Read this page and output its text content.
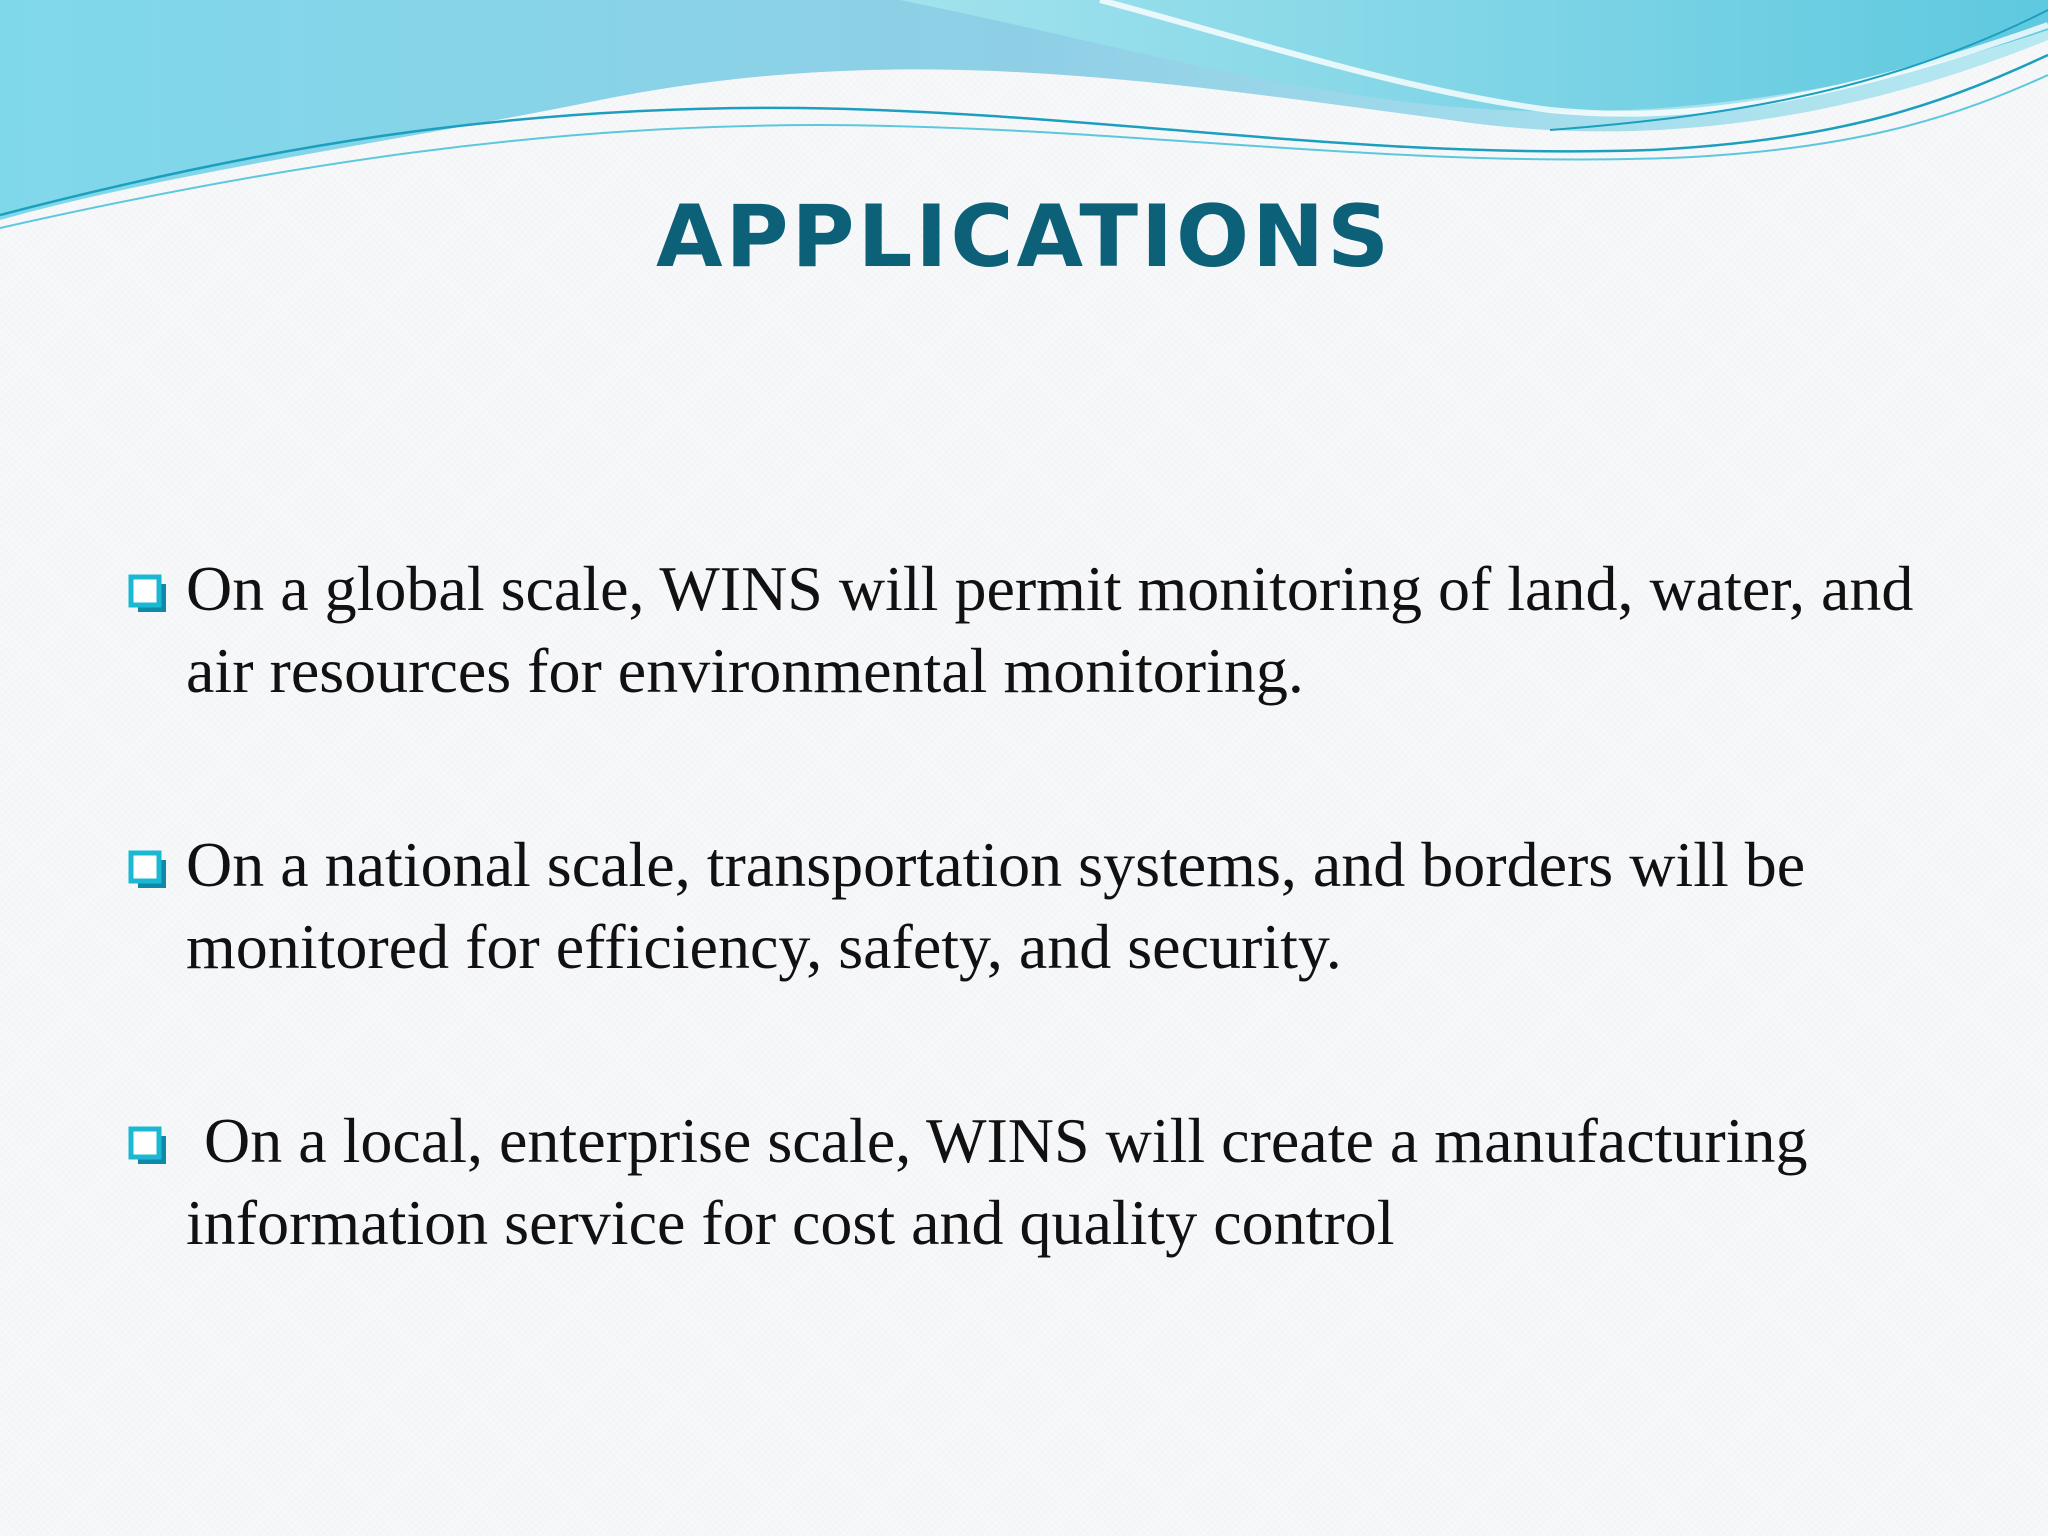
APPLICATIONS
On a global scale, WINS will permit monitoring of land, water, and air resources for environmental monitoring.
On a national scale, transportation systems, and borders will be monitored for efficiency, safety, and security.
On a local, enterprise scale, WINS will create a manufacturing information service for cost and quality control
